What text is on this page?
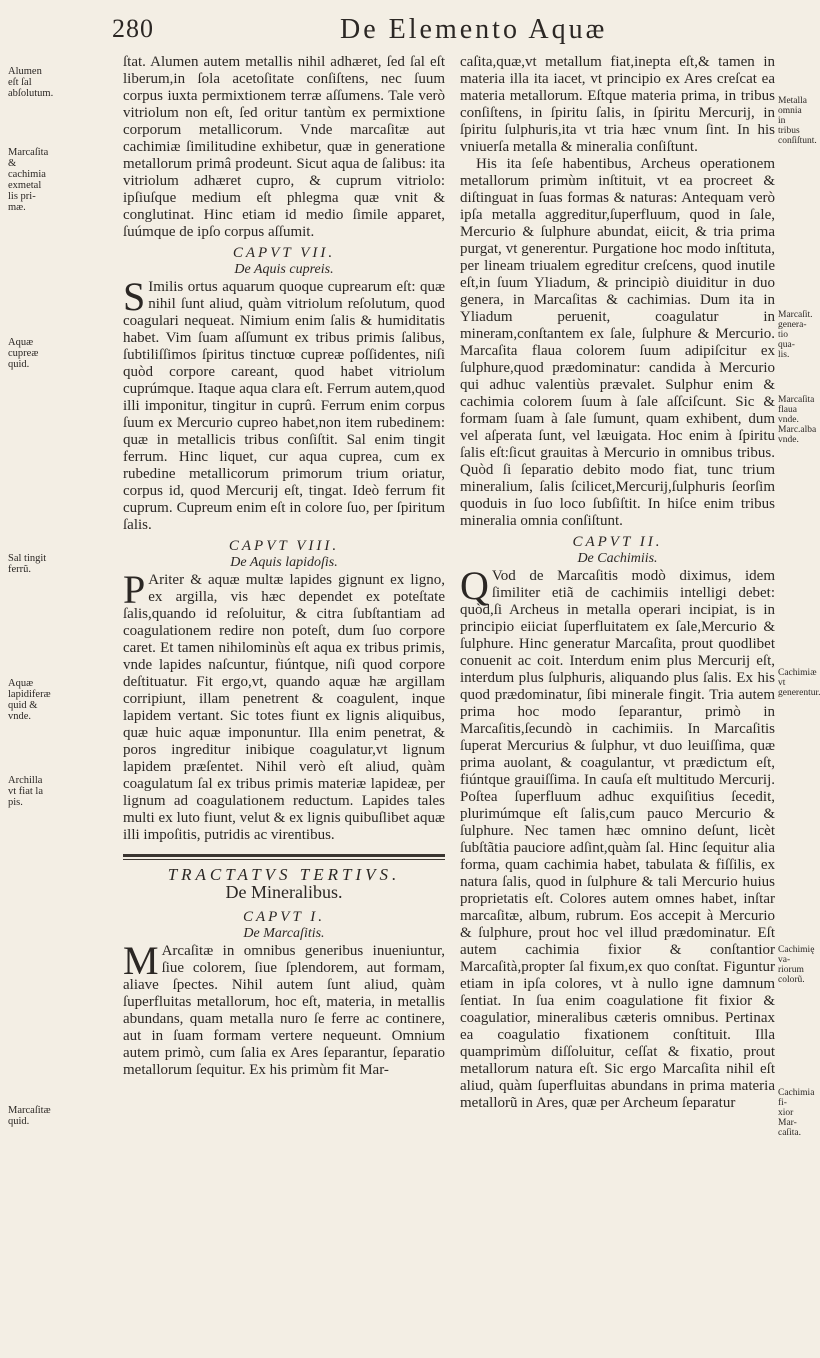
280	De Elemento Aquæ
Alumen eſt ſal abſolutum.
Marcaſita & cachimia exmetal lis pri-mæ.
Aquæ cupreæ quid.
Sal tingit ferrũ.
Aquæ lapidiferæ quid & vnde.
Archilla vt fiat la pis.
Marcaſitæ quid.
Metalla omnia in tribus conſiſtunt.
Marcaſit. genera-tio qua-lis.
Marcaſita flaua vnde. Marc.alba vnde.
Cachimiæ vt generentur.
Cachimię va-riorum colorũ.
Cachimia fi-xior Mar-caſita.

ſtat. Alumen autem metallis nihil adhæret, ſed ſal eſt liberum,in ſola acetoſitate conſiſtens, nec ſuum corpus iuxta permixtionem terræ aſſumens. Tale verò vitriolum non eſt, ſed oritur tantùm ex permixtione corporum metallicorum. Vnde marcaſitæ aut cachimiæ ſimilitudine exhibetur, quæ in generatione metallorum primâ prodeunt. Sicut aqua de ſalibus: ita vitriolum adhæret cupro, & cuprum vitriolo: ipſiuſque medium eſt phlegma quæ vnit & conglutinat. Hinc etiam id medio ſimile apparet, ſuúmque de ipſo corpus aſſumit.

CAPVT VII.
De Aquis cupreis.

S Imilis ortus aquarum quoque cuprearum eſt: quæ nihil ſunt aliud, quàm vitriolum reſolutum, quod coagulari nequeat. Nimium enim ſalis & humiditatis habet. Vim ſuam aſſumunt ex tribus primis ſalibus, ſubtiliſſimos ſpiritus tinctuœ cupreæ poſſidentes, niſi quòd corpore careant, quod habet vitriolum cuprúmque. Itaque aqua clara eſt. Ferrum autem,quod illi imponitur, tingitur in cuprû. Ferrum enim corpus ſuum ex Mercurio cupreo habet,non item rubedinem: quæ in metallicis tribus conſiſtit. Sal enim tingit ferrum. Hinc liquet, cur aqua cuprea, cum ex rubedine metallicorum primorum trium oriatur, corpus id, quod Mercurij eſt, tingat. Ideò ferrum fit cuprum. Cupreum enim eſt in colore ſuo, per ſpiritum ſalis.

CAPVT VIII.
De Aquis lapidoſis.

P Ariter & aquæ multæ lapides gignunt ex ligno, ex argilla, vis hæc dependet ex poteſtate ſalis,quando id reſoluitur, & citra ſubſtantiam ad coagulationem redire non poteſt, dum ſuo corpore caret. Et tamen nihilominùs eſt aqua ex tribus primis, vnde lapides naſcuntur, fiúntque, niſi quod corpore deſtituatur. Fit ergo,vt, quando aquæ hæ argillam corripiunt, illam penetrent & coagulent, inque lapidem vertant. Sic totes fiunt ex lignis aliquibus, quæ huic aquæ imponuntur. Illa enim penetrat, & poros ingreditur inibique coagulatur,vt lignum lapidem præſentet. Nihil verò eſt aliud, quàm coagulatum ſal ex tribus primis materiæ lapideæ, per lignum ad coagulationem reductum. Lapides tales multi ex luto fiunt, velut & ex lignis quibuſlibet aquæ illi impoſitis, putridis ac virentibus.

TRACTATVS TERTIVS.
De Mineralibus.
CAPVT I.
De Marcaſitis.

M Arcaſitæ in omnibus generibus inueniuntur, ſiue colorem, ſiue ſplendorem, aut formam, aliave ſpectes. Nihil autem ſunt aliud, quàm ſuperfluitas metallorum, hoc eſt, materia, in metallis abundans, quam metalla nuro ſe ferre ac continere, aut in ſuam formam vertere nequeunt. Omnium autem primò, cum ſalia ex Ares ſeparantur, ſeparatio metallorum ſequitur. Ex his primùm fit Mar-

caſita,quæ,vt metallum fiat,inepta eſt,& tamen in materia illa ita iacet, vt principio ex Ares creſcat ea materia metallorum. Eſtque materia prima, in tribus conſiſtens, in ſpiritu ſalis, in ſpiritu Mercurij, in ſpiritu ſulphuris,ita vt tria hæc vnum ſint. In his vniuerſa metalla & mineralia conſiſtunt.

His ita ſeſe habentibus, Archeus operationem metallorum primùm inſtituit, vt ea procreet & diſtinguat in ſuas formas & naturas: Antequam verò ipſa metalla aggreditur,ſuperfluum, quod in ſale, Mercurio & ſulphure abundat, eiicit, & tria prima purgat, vt generentur. Purgatione hoc modo inſtituta, per lineam triualem egreditur creſcens, quod inutile eſt,in ſuum Yliadum, & principiò diuiditur in duo genera, in Marcaſitas & cachimias. Dum ita in Yliadum peruenit, coagulatur in mineram,conſtantem ex ſale, ſulphure & Mercurio. Marcaſita flaua colorem ſuum adipiſcitur ex ſulphure,quod prædominatur: candida à Mercurio qui adhuc valentiùs prævalet. Sulphur enim & cachimia colorem ſuum à ſale aſſciſcunt. Sic & formam ſuam à ſale ſumunt, quam exhibent, dum vel aſperata ſunt, vel læuigata. Hoc enim à ſpiritu ſalis eſt:ſicut grauitas à Mercurio in omnibus tribus. Quòd ſi ſeparatio debito modo fiat, tunc trium mineralium, ſalis ſcilicet,Mercurij,ſulphuris ſeorſim quoduis in ſuo loco ſubſiſtit. In hiſce enim tribus mineralia omnia conſiſtunt.

CAPVT II.
De Cachimiis.

Q Vod de Marcaſitis modò diximus, idem ſimiliter etiã de cachimiis intelligi debet: quòd,ſi Archeus in metalla operari incipiat, is in principio eiiciat ſuperfluitatem ex ſale,Mercurio & ſulphure. Hinc generatur Marcaſita, prout quodlibet conuenit ac coit. Interdum enim plus Mercurij eſt, interdum plus ſulphuris, aliquando plus ſalis. Ex his quod prædominatur, ſibi minerale fingit. Tria autem prima hoc modo ſeparantur, primò in Marcaſitis,ſecundò in cachimiis. In Marcaſitis ſuperat Mercurius & ſulphur, vt duo leuiſſima, quæ prima auolant, & coagulantur, vt prædictum eſt, fiúntque grauiſſima. In cauſa eſt multitudo Mercurij. Poſtea ſuperfluum adhuc exquiſitius ſecedit, plurimúmque eſt ſalis,cum pauco Mercurio & ſulphure. Nec tamen hæc omnino deſunt, licèt ſubſtãtia pauciore adſint,quàm ſal. Hinc ſequitur alia forma, quam cachimia habet, tabulata & fiſſilis, ex natura ſalis, quod in ſulphure & tali Mercurio huius proprietatis eſt. Colores autem omnes habet, inſtar marcaſitæ, album, rubrum. Eos accepit à Mercurio & ſulphure, prout hoc vel illud prædominatur. Eſt autem cachimia fixior & conſtantior Marcaſità,propter ſal fixum,ex quo conſtat. Figuntur etiam in ipſa colores, vt à nullo igne damnum ſentiat. In ſua enim coagulatione fit fixior & coagulatior, mineralibus cæteris omnibus. Pertinax ea coagulatio fixationem conſtituit. Illa quamprimùm diſſoluitur, ceſſat & fixatio, prout metallorum natura eſt. Sic ergo Marcaſita nihil eſt aliud, quàm ſuperfluitas abundans in prima materia metallorũ in Ares, quæ per Archeum ſeparatur
